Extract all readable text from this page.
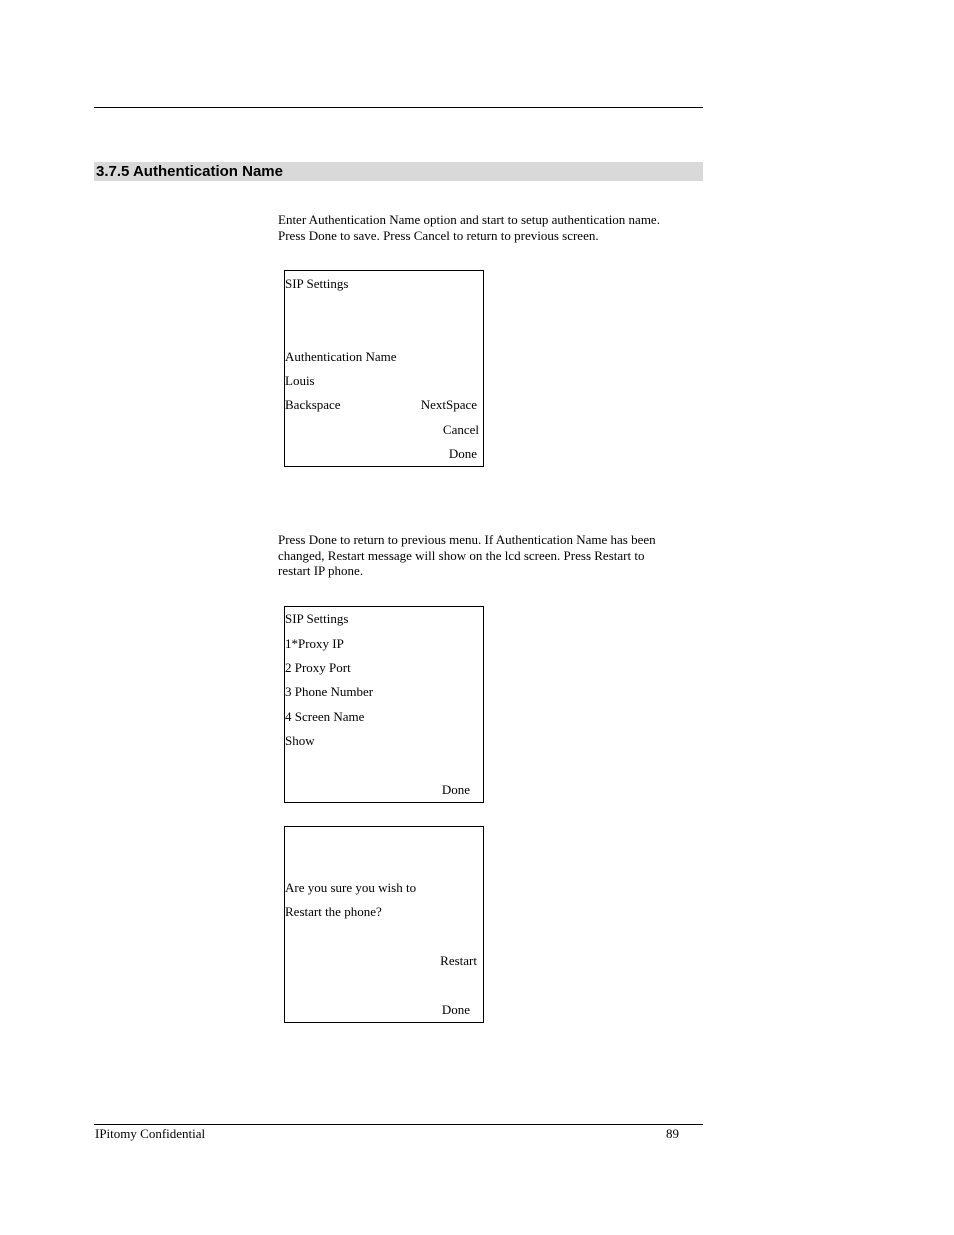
3.7.5 Authentication Name
Enter Authentication Name option and start to setup authentication name.
Press Done to save. Press Cancel to return to previous screen.
SIP Settings
Authentication Name
Louis
Backspace	NextSpace
Cancel
Done
Press Done to return to previous menu. If Authentication Name has been
changed, Restart message will show on the lcd screen. Press Restart to
restart IP phone.
SIP Settings
1*Proxy IP
2 Proxy Port
3 Phone Number
4 Screen Name
Show
Done
Are you sure you wish to
Restart the phone?
Restart
Done
IPitomy Confidential	89
